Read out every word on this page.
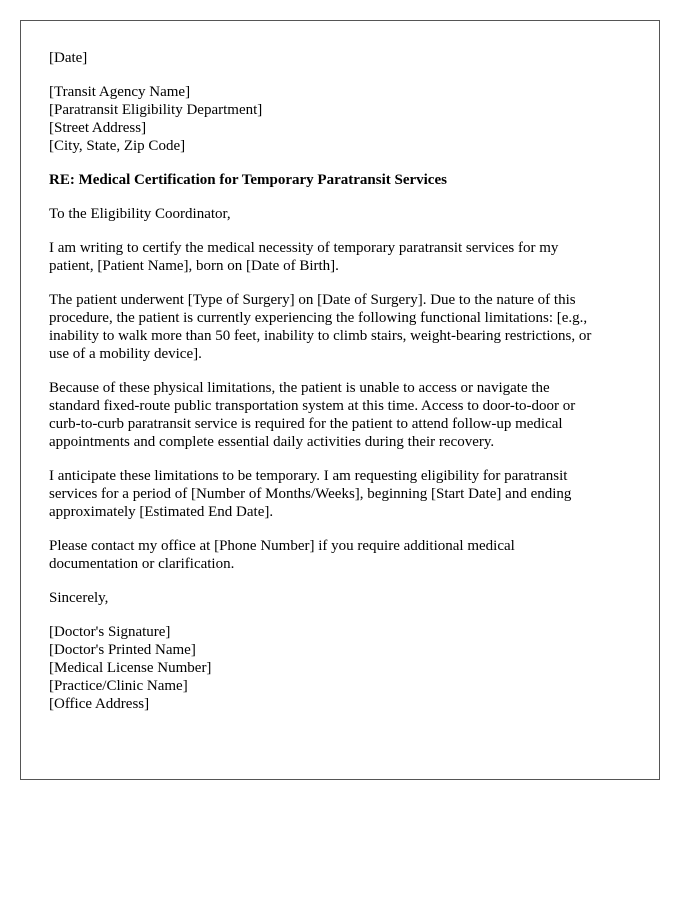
[Date]

[Transit Agency Name]
[Paratransit Eligibility Department]
[Street Address]
[City, State, Zip Code]

RE: Medical Certification for Temporary Paratransit Services

To the Eligibility Coordinator,

I am writing to certify the medical necessity of temporary paratransit services for my
patient, [Patient Name], born on [Date of Birth].

The patient underwent [Type of Surgery] on [Date of Surgery]. Due to the nature of this
procedure, the patient is currently experiencing the following functional limitations: [e.g.,
inability to walk more than 50 feet, inability to climb stairs, weight-bearing restrictions, or
use of a mobility device].

Because of these physical limitations, the patient is unable to access or navigate the
standard fixed-route public transportation system at this time. Access to door-to-door or
curb-to-curb paratransit service is required for the patient to attend follow-up medical
appointments and complete essential daily activities during their recovery.

I anticipate these limitations to be temporary. I am requesting eligibility for paratransit
services for a period of [Number of Months/Weeks], beginning [Start Date] and ending
approximately [Estimated End Date].

Please contact my office at [Phone Number] if you require additional medical
documentation or clarification.

Sincerely,

[Doctor's Signature]
[Doctor's Printed Name]
[Medical License Number]
[Practice/Clinic Name]
[Office Address]
